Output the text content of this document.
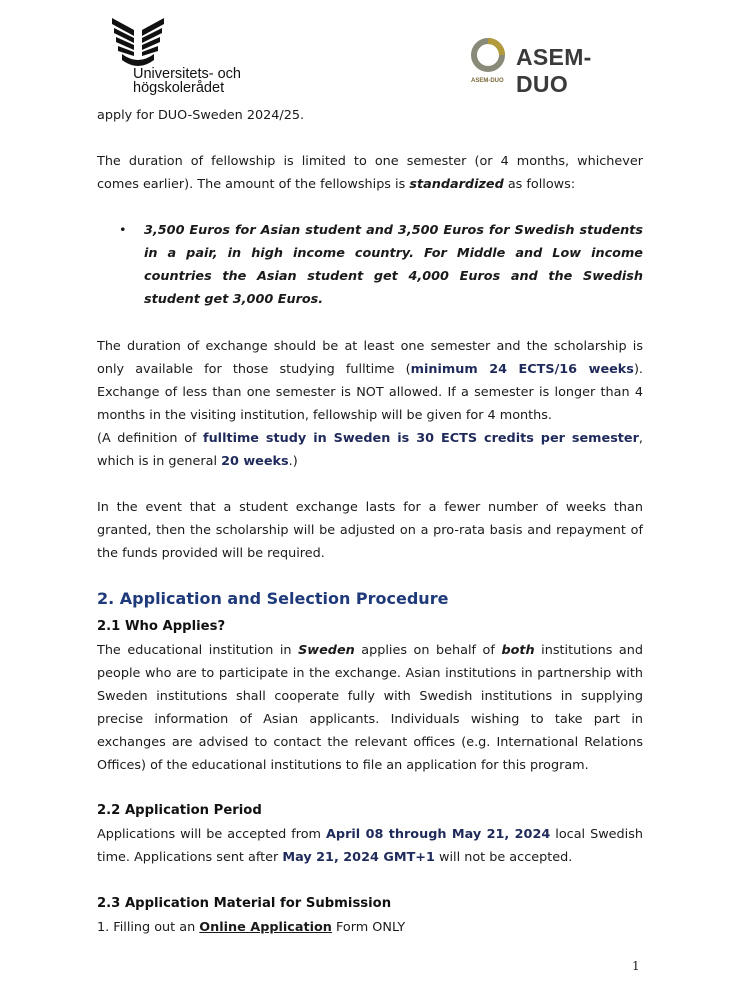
Universitets- och
högskolerådet
ASEM-DUO
ASEM-DUO
apply for DUO-Sweden 2024/25.
The duration of fellowship is limited to one semester (or 4 months, whichever
comes earlier). The amount of the fellowships is standardized as follows:
• 3,500 Euros for Asian student and 3,500 Euros for Swedish students
in a pair, in high income country. For Middle and Low income
countries the Asian student get 4,000 Euros and the Swedish
student get 3,000 Euros.
The duration of exchange should be at least one semester and the scholarship is
only available for those studying fulltime (minimum 24 ECTS/16 weeks).
Exchange of less than one semester is NOT allowed. If a semester is longer than 4
months in the visiting institution, fellowship will be given for 4 months.
(A definition of fulltime study in Sweden is 30 ECTS credits per semester,
which is in general 20 weeks.)
In the event that a student exchange lasts for a fewer number of weeks than
granted, then the scholarship will be adjusted on a pro-rata basis and repayment of
the funds provided will be required.
2. Application and Selection Procedure
2.1 Who Applies?
The educational institution in Sweden applies on behalf of both institutions and
people who are to participate in the exchange. Asian institutions in partnership with
Sweden institutions shall cooperate fully with Swedish institutions in supplying
precise information of Asian applicants. Individuals wishing to take part in
exchanges are advised to contact the relevant offices (e.g. International Relations
Offices) of the educational institutions to file an application for this program.
2.2 Application Period
Applications will be accepted from April 08 through May 21, 2024 local Swedish
time. Applications sent after May 21, 2024 GMT+1 will not be accepted.
2.3 Application Material for Submission
1. Filling out an Online Application Form ONLY
1
